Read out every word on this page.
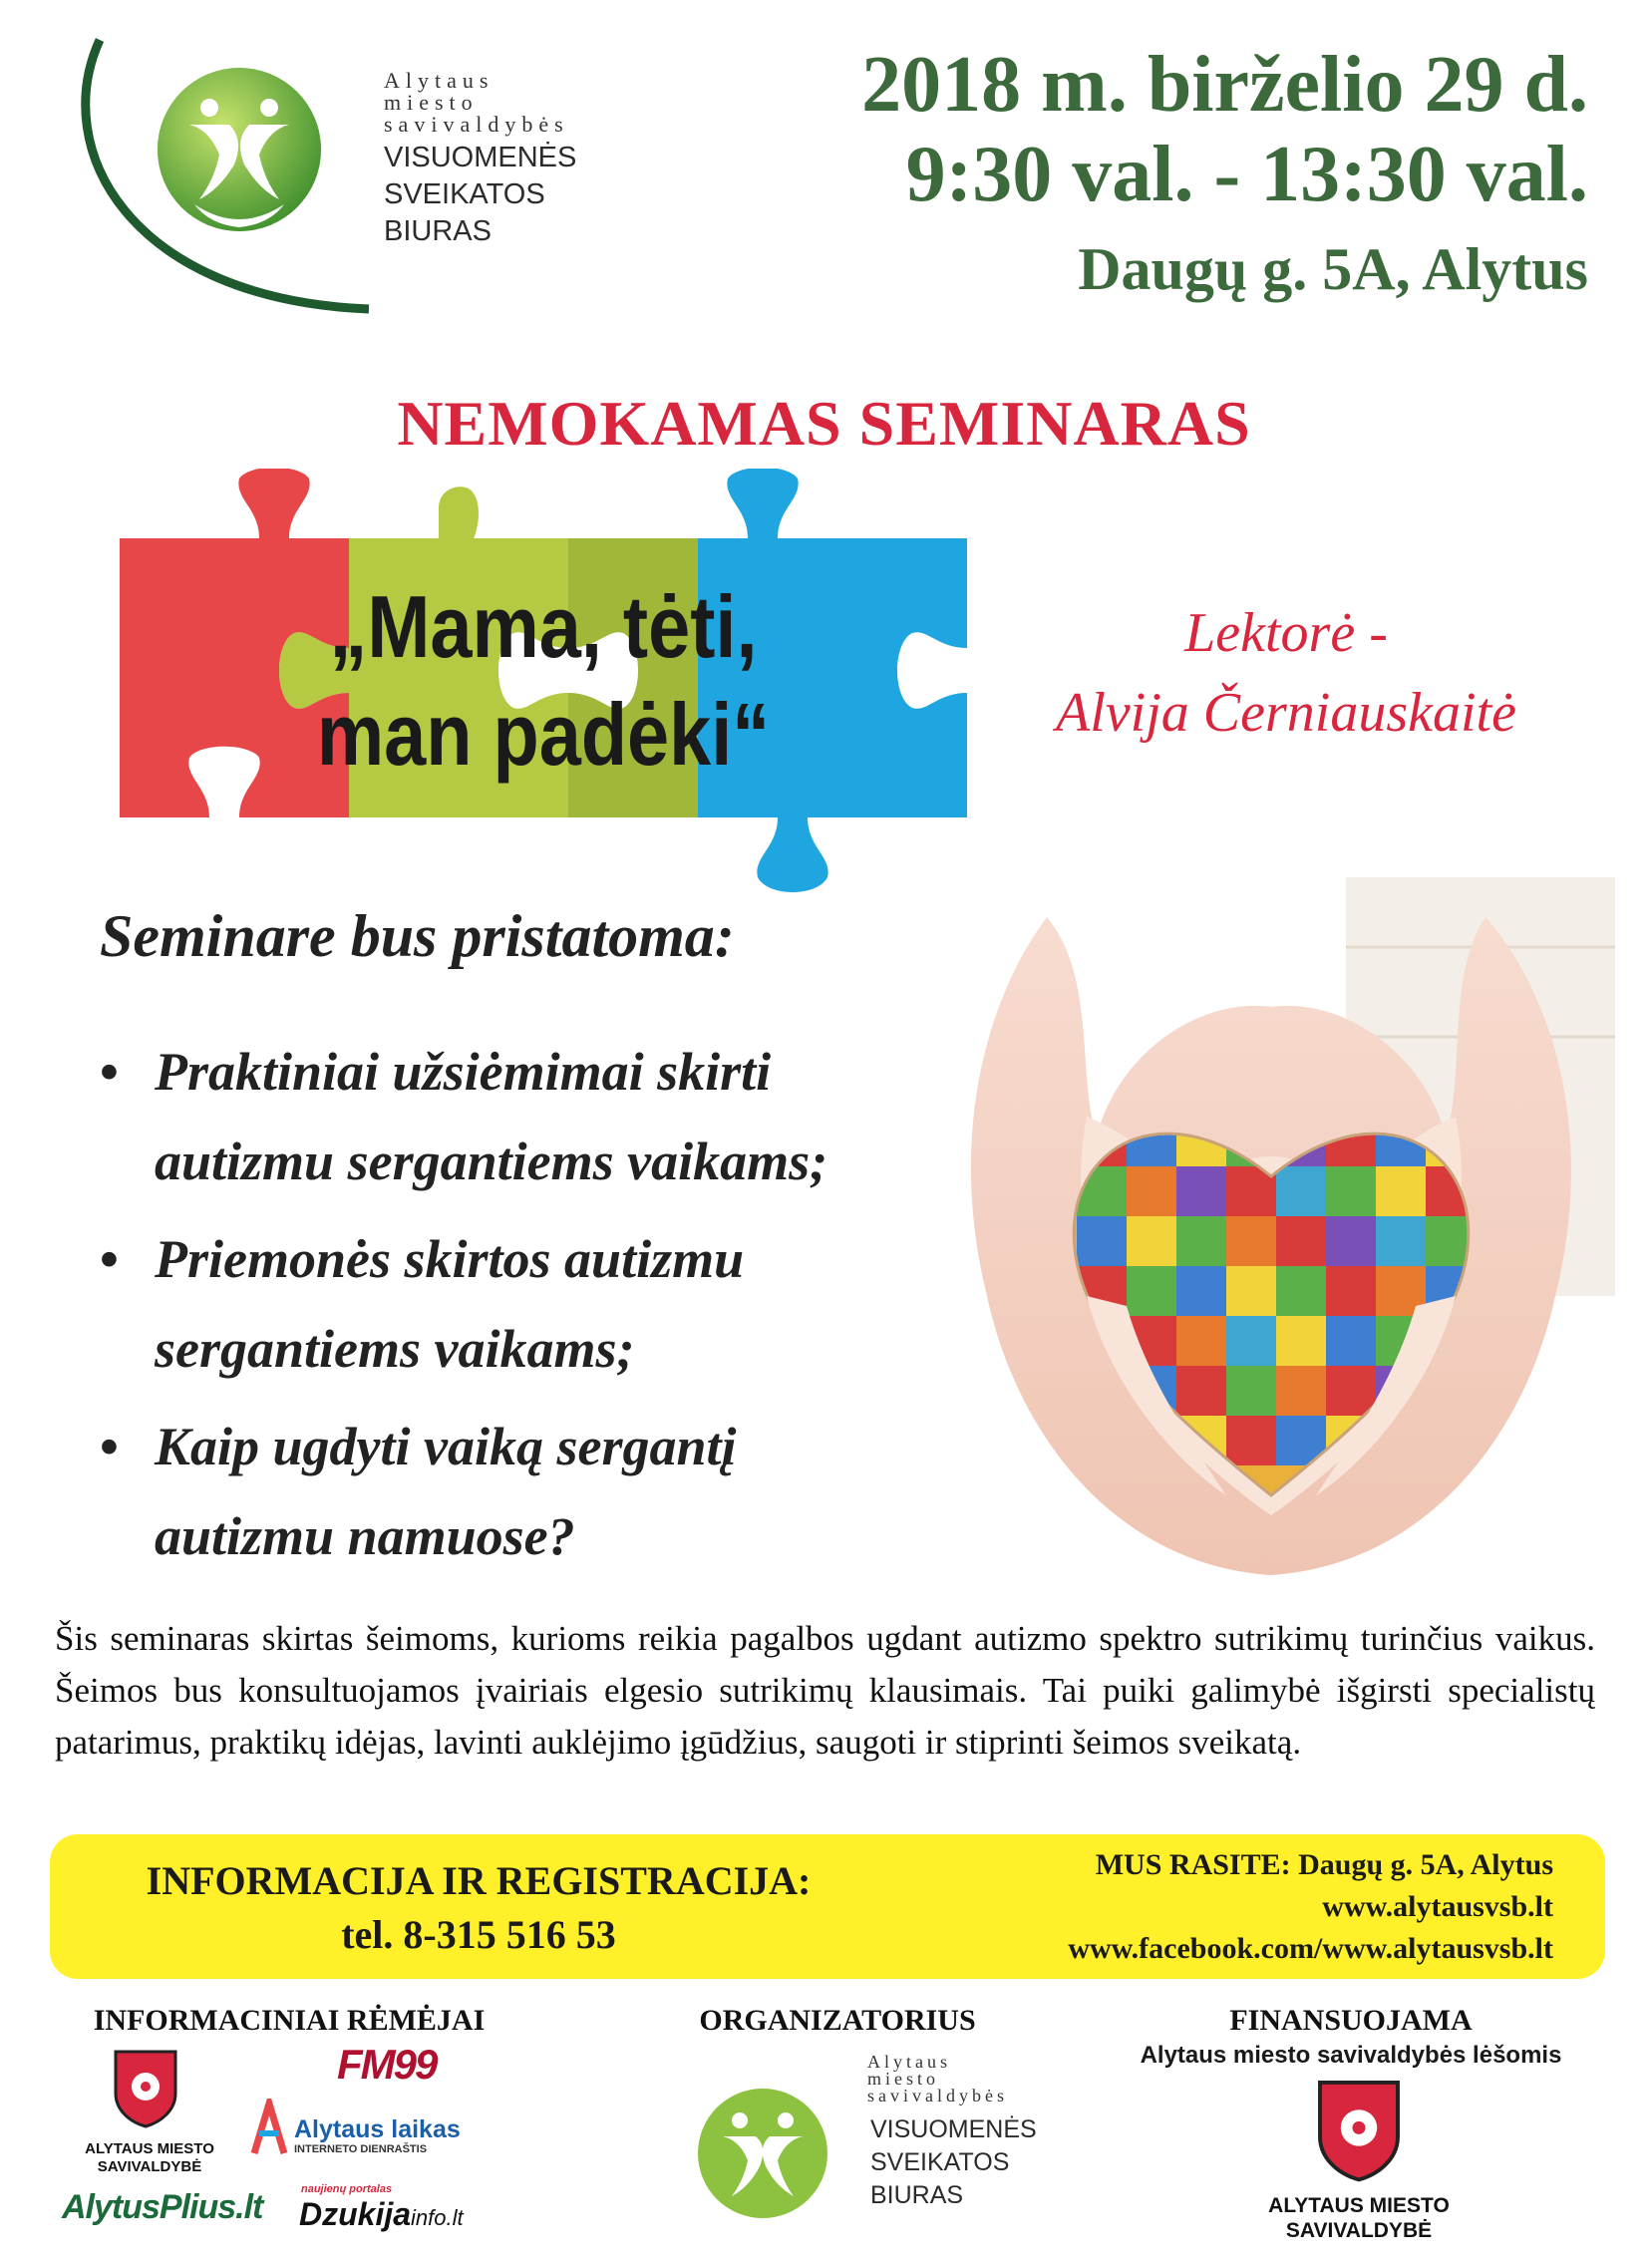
Alytaus
miesto
savivaldybės
VISUOMENĖS
SVEIKATOS
BIURAS
2018 m. birželio 29 d.
9:30 val. - 13:30 val.
Daugų g. 5A, Alytus
NEMOKAMAS SEMINARAS
„Mama, tėti,
man padėki“
Lektorė -
Alvija Černiauskaitė
Seminare bus pristatoma:
• Praktiniai užsiėmimai skirti
autizmu sergantiems vaikams;
• Priemonės skirtos autizmu
sergantiems vaikams;
• Kaip ugdyti vaiką sergantį
autizmu namuose?
Šis seminaras skirtas šeimoms, kurioms reikia pagalbos ugdant autizmo spektro sutrikimų turinčius vaikus. Šeimos bus konsultuojamos įvairiais elgesio sutrikimų klausimais. Tai puiki galimybė išgirsti specialistų patarimus, praktikų idėjas, lavinti auklėjimo įgūdžius, saugoti ir stiprinti šeimos sveikatą.
INFORMACIJA IR REGISTRACIJA:
tel. 8-315 516 53
MUS RASITE: Daugų g. 5A, Alytus
www.alytausvsb.lt
www.facebook.com/www.alytausvsb.lt
INFORMACINIAI RĖMĖJAI	ORGANIZATORIUS	FINANSUOJAMA
Alytaus miesto savivaldybės lėšomis
ALYTAUS MIESTO
SAVIVALDYBĖ
AlytusPlius.lt
FM99
Alytaus laikas
INTERNETO DIENRAŠTIS
naujienų portalas
Dzukijainfo.lt
Alytaus
miesto
savivaldybės
VISUOMENĖS
SVEIKATOS
BIURAS	ALYTAUS MIESTO
SAVIVALDYBĖ
